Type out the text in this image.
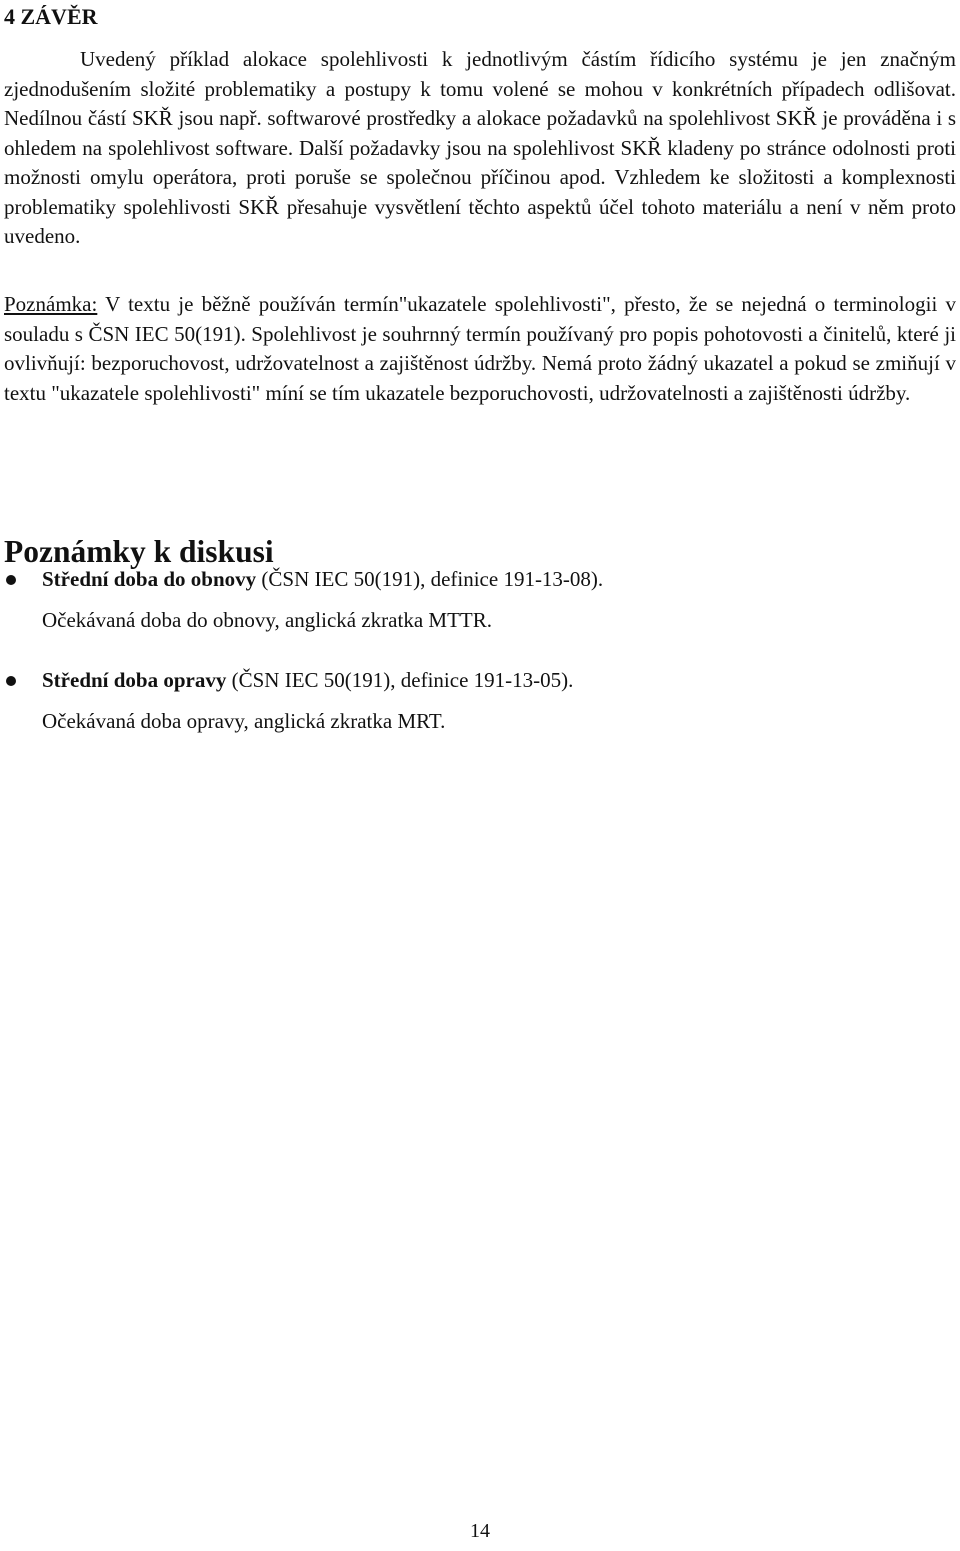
4 ZÁVĚR

Uvedený příklad alokace spolehlivosti k jednotlivým částím řídicího systému je jen značným zjednodušením složité problematiky a postupy k tomu volené se mohou v konkrétních případech odlišovat. Nedílnou částí SKŘ jsou např. softwarové prostředky a alokace požadavků na spolehlivost SKŘ je prováděna i s ohledem na spolehlivost software. Další požadavky jsou na spolehlivost SKŘ kladeny po stránce odolnosti proti možnosti omylu operátora, proti poruše se společnou příčinou apod. Vzhledem ke složitosti a komplexnosti problematiky spolehlivosti SKŘ přesahuje vysvětlení těchto aspektů účel tohoto materiálu a není v něm proto uvedeno.

Poznámka: V textu je běžně používán termín"ukazatele spolehlivosti", přesto, že se nejedná o terminologii v souladu s ČSN IEC 50(191). Spolehlivost je souhrnný termín používaný pro popis pohotovosti a činitelů, které ji ovlivňují: bezporuchovost, udržovatelnost a zajištěnost údržby. Nemá proto žádný ukazatel a pokud se zmiňují v textu "ukazatele spolehlivosti" míní se tím ukazatele bezporuchovosti, udržovatelnosti a zajištěnosti údržby.

Poznámky k diskusi
Střední doba do obnovy (ČSN IEC 50(191), definice 191-13-08).
Očekávaná doba do obnovy, anglická zkratka MTTR.
Střední doba opravy (ČSN IEC 50(191), definice 191-13-05).
Očekávaná doba opravy, anglická zkratka MRT.
14
